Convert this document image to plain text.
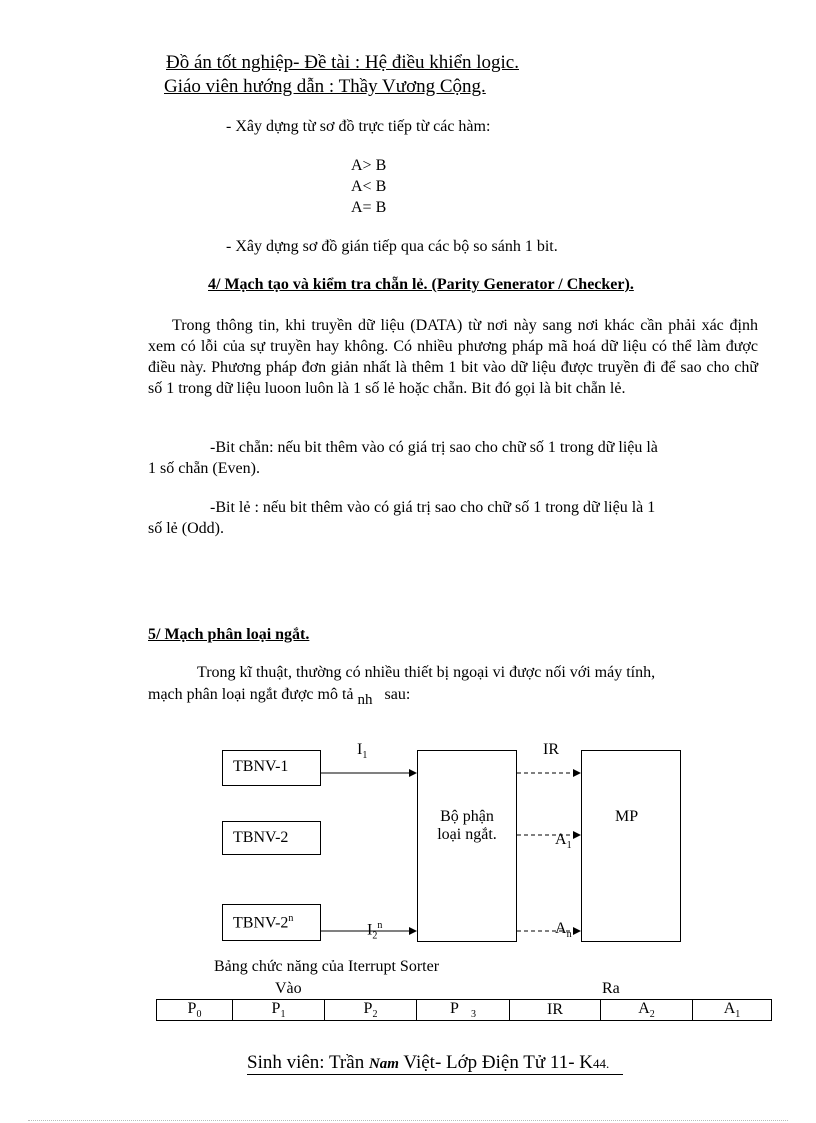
Đồ án tốt nghiệp- Đề tài : Hệ điều khiển logic.
Giáo viên hướng dẫn : Thầy Vương Cộng.
- Xây dựng từ sơ đồ trực tiếp từ các hàm:
A> B
A< B
A= B
- Xây dựng sơ đồ gián tiếp qua các bộ so sánh 1 bit.
4/ Mạch tạo và kiểm tra chẵn lẻ. (Parity Generator / Checker).
Trong thông tin, khi truyền dữ liệu (DATA) từ nơi này sang nơi khác cần phải xác định xem có lỗi của sự truyền hay không. Có nhiều phương pháp mã hoá dữ liệu có thể làm được điều này. Phương pháp đơn giản nhất là thêm 1 bit vào dữ liệu được truyền đi để sao cho chữ số 1 trong dữ liệu luoon luôn là 1 số lẻ hoặc chẵn. Bit đó gọi là bit chẵn lẻ.
-Bit chẵn: nếu bit thêm vào có giá trị sao cho chữ số 1 trong dữ liệu là
1 số chẵn (Even).
-Bit lẻ : nếu bit thêm vào có giá trị sao cho chữ số 1 trong dữ liệu là 1
số lẻ (Odd).
5/ Mạch phân loại ngắt.
Trong kĩ thuật, thường có nhiều thiết bị ngoại vi được nối với máy tính,
mạch phân loại ngắt được mô tả nh sau:
TBNV-1
TBNV-2
TBNV-2$^n$
Bộ phận
loại ngắt.
MP
$I_1$
$I_2^n$
IR
$A_1$
$A_n$
Bảng chức năng của Iterrupt Sorter
Vào	Ra
$P_0$	$P_1$	$P_2$	P $_3$	IR	$A_2$	$A_1$
Sinh viên: Trần Nam Việt- Lớp Điện Tử 11- K44.
